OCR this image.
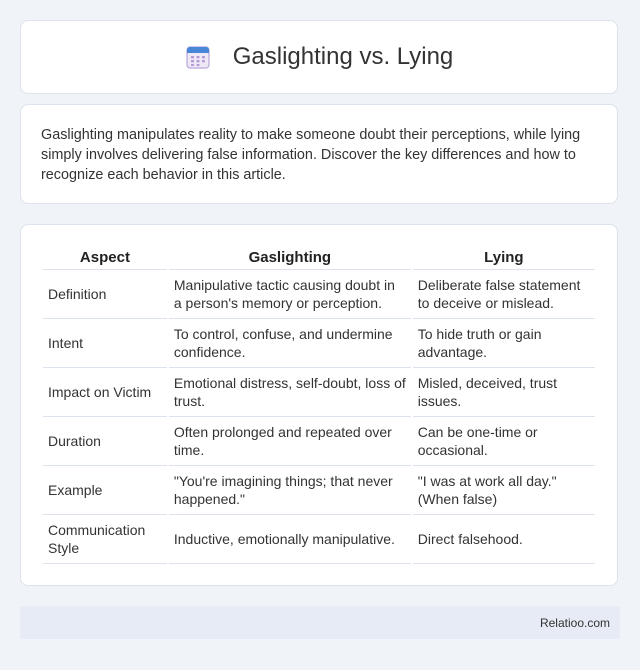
Gaslighting vs. Lying

Gaslighting manipulates reality to make someone doubt their perceptions, while lying simply involves delivering false information. Discover the key differences and how to recognize each behavior in this article.

Aspect	Gaslighting	Lying
Definition	Manipulative tactic causing doubt in a person's memory or perception.	Deliberate false statement to deceive or mislead.
Intent	To control, confuse, and undermine confidence.	To hide truth or gain advantage.
Impact on Victim	Emotional distress, self-doubt, loss of trust.	Misled, deceived, trust issues.
Duration	Often prolonged and repeated over time.	Can be one-time or occasional.
Example	"You're imagining things; that never happened."	"I was at work all day." (When false)
Communication Style	Inductive, emotionally manipulative.	Direct falsehood.
Relatioo.com
